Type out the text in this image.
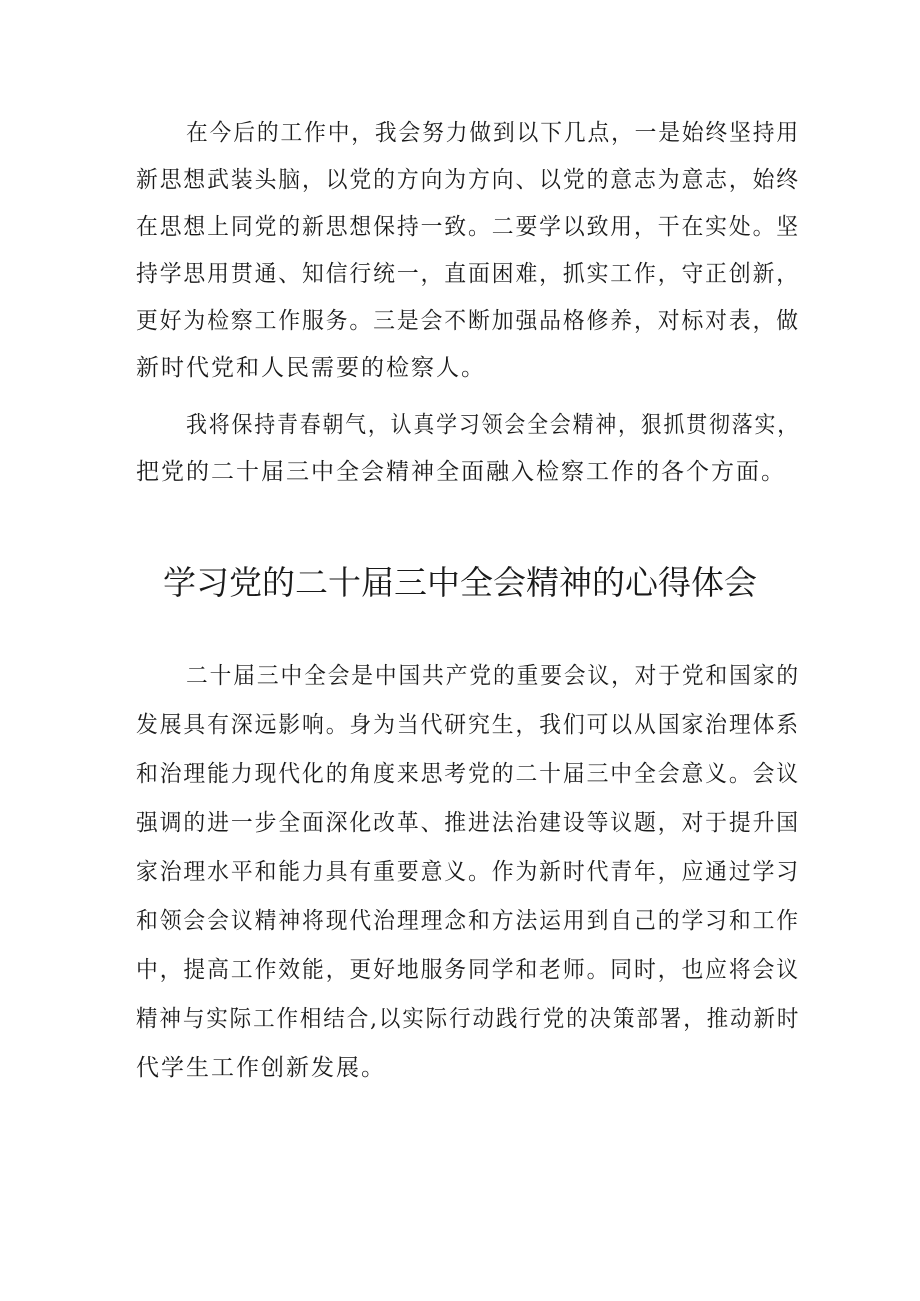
在今后的工作中，我会努力做到以下几点，一是始终坚持用
新思想武装头脑，以党的方向为方向、以党的意志为意志，始终
在思想上同党的新思想保持一致。二要学以致用，干在实处。坚
持学思用贯通、知信行统一，直面困难，抓实工作，守正创新，
更好为检察工作服务。三是会不断加强品格修养，对标对表，做
新时代党和人民需要的检察人。
我将保持青春朝气，认真学习领会全会精神，狠抓贯彻落实，
把党的二十届三中全会精神全面融入检察工作的各个方面。
学习党的二十届三中全会精神的心得体会
二十届三中全会是中国共产党的重要会议，对于党和国家的
发展具有深远影响。身为当代研究生，我们可以从国家治理体系
和治理能力现代化的角度来思考党的二十届三中全会意义。会议
强调的进一步全面深化改革、推进法治建设等议题，对于提升国
家治理水平和能力具有重要意义。作为新时代青年，应通过学习
和领会会议精神将现代治理理念和方法运用到自己的学习和工作
中，提高工作效能，更好地服务同学和老师。同时，也应将会议
精神与实际工作相结合,以实际行动践行党的决策部署，推动新时
代学生工作创新发展。
